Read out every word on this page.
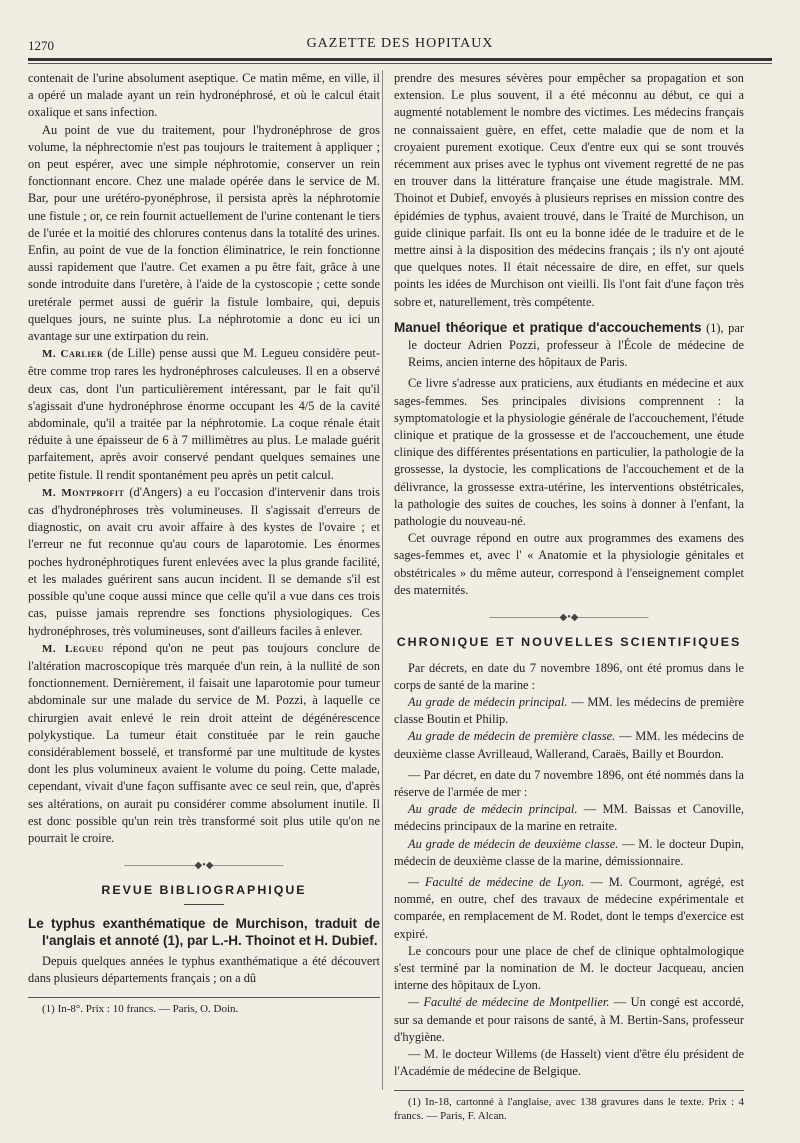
1270	GAZETTE DES HOPITAUX

contenait de l'urine absolument aseptique. Ce matin même, en ville, il a opéré un malade ayant un rein hydronéphrosé, et où le calcul était oxalique et sans infection.

Au point de vue du traitement, pour l'hydronéphrose de gros volume, la néphrectomie n'est pas toujours le traitement à appliquer ; on peut espérer, avec une simple néphrotomie, conserver un rein fonctionnant encore. Chez une malade opérée dans le service de M. Bar, pour une urétéro-pyonéphrose, il persista après la néphrotomie une fistule ; or, ce rein fournit actuellement de l'urine contenant le tiers de l'urée et la moitié des chlorures contenus dans la totalité des urines. Enfin, au point de vue de la fonction éliminatrice, le rein fonctionne aussi rapidement que l'autre. Cet examen a pu être fait, grâce à une sonde introduite dans l'uretère, à l'aide de la cystoscopie ; cette sonde uretérale permet aussi de guérir la fistule lombaire, qui, depuis quelques jours, ne suinte plus. La néphrotomie a donc eu ici un avantage sur une extirpation du rein.

M. Carlier (de Lille) pense aussi que M. Legueu considère peut-être comme trop rares les hydronéphroses calculeuses. Il en a observé deux cas, dont l'un particulièrement intéressant, par le fait qu'il s'agissait d'une hydronéphrose énorme occupant les 4/5 de la cavité abdominale, qu'il a traitée par la néphrotomie. La coque rénale était réduite à une épaisseur de 6 à 7 millimètres au plus. Le malade guérit parfaitement, après avoir conservé pendant quelques semaines une petite fistule. Il rendit spontanément peu après un petit calcul.

M. Montprofit (d'Angers) a eu l'occasion d'intervenir dans trois cas d'hydronéphroses très volumineuses. Il s'agissait d'erreurs de diagnostic, on avait cru avoir affaire à des kystes de l'ovaire ; et l'erreur ne fut reconnue qu'au cours de laparotomie. Les énormes poches hydronéphrotiques furent enlevées avec la plus grande facilité, et les malades guérirent sans aucun incident. Il se demande s'il est possible qu'une coque aussi mince que celle qu'il a vue dans ces trois cas, puisse jamais reprendre ses fonctions physiologiques. Ces hydronéphroses, très volumineuses, sont d'ailleurs faciles à enlever.

M. Legueu répond qu'on ne peut pas toujours conclure de l'altération macroscopique très marquée d'un rein, à la nullité de son fonctionnement. Dernièrement, il faisait une laparotomie pour tumeur abdominale sur une malade du service de M. Pozzi, à laquelle ce chirurgien avait enlevé le rein droit atteint de dégénérescence polykystique. La tumeur était constituée par le rein gauche considérablement bosselé, et transformé par une multitude de kystes dont les plus volumineux avaient le volume du poing. Cette malade, cependant, vivait d'une façon suffisante avec ce seul rein, que, d'après ses altérations, on aurait pu considérer comme absolument inutile. Il est donc possible qu'un rein très transformé soit plus utile qu'on ne pourrait le croire.

———————◆•◆———————
REVUE BIBLIOGRAPHIQUE

Le typhus exanthématique de Murchison, traduit de l'anglais et annoté (1), par L.-H. Thoinot et H. Dubief.

Depuis quelques années le typhus exanthématique a été découvert dans plusieurs départements français ; on a dû

(1) In-8°. Prix : 10 francs. — Paris, O. Doin.

prendre des mesures sévères pour empêcher sa propagation et son extension. Le plus souvent, il a été méconnu au début, ce qui a augmenté notablement le nombre des victimes. Les médecins français ne connaissaient guère, en effet, cette maladie que de nom et la croyaient purement exotique. Ceux d'entre eux qui se sont trouvés récemment aux prises avec le typhus ont vivement regretté de ne pas en trouver dans la littérature française une étude magistrale. MM. Thoinot et Dubief, envoyés à plusieurs reprises en mission contre des épidémies de typhus, avaient trouvé, dans le Traité de Murchison, un guide clinique parfait. Ils ont eu la bonne idée de le traduire et de le mettre ainsi à la disposition des médecins français ; ils n'y ont ajouté que quelques notes. Il était nécessaire de dire, en effet, sur quels points les idées de Murchison ont vieilli. Ils l'ont fait d'une façon très sobre et, naturellement, très compétente.

Manuel théorique et pratique d'accouchements (1), par le docteur Adrien Pozzi, professeur à l'École de médecine de Reims, ancien interne des hôpitaux de Paris.

Ce livre s'adresse aux praticiens, aux étudiants en médecine et aux sages-femmes. Ses principales divisions comprennent : la symptomatologie et la physiologie générale de l'accouchement, l'étude clinique et pratique de la grossesse et de l'accouchement, une étude clinique des différentes présentations en particulier, la pathologie de la grossesse, la dystocie, les complications de l'accouchement et de la délivrance, la grossesse extra-utérine, les interventions obstétricales, la pathologie des suites de couches, les soins à donner à l'enfant, la pathologie du nouveau-né.

Cet ouvrage répond en outre aux programmes des examens des sages-femmes et, avec l' « Anatomie et la physiologie génitales et obstétricales » du même auteur, correspond à l'enseignement complet des maternités.

———————◆•◆———————
CHRONIQUE ET NOUVELLES SCIENTIFIQUES

Par décrets, en date du 7 novembre 1896, ont été promus dans le corps de santé de la marine :

Au grade de médecin principal. — MM. les médecins de première classe Boutin et Philip.

Au grade de médecin de première classe. — MM. les médecins de deuxième classe Avrilleaud, Wallerand, Caraës, Bailly et Bourdon.

— Par décret, en date du 7 novembre 1896, ont été nommés dans la réserve de l'armée de mer :

Au grade de médecin principal. — MM. Baissas et Canoville, médecins principaux de la marine en retraite.

Au grade de médecin de deuxième classe. — M. le docteur Dupin, médecin de deuxième classe de la marine, démissionnaire.

— Faculté de médecine de Lyon. — M. Courmont, agrégé, est nommé, en outre, chef des travaux de médecine expérimentale et comparée, en remplacement de M. Rodet, dont le temps d'exercice est expiré.

Le concours pour une place de chef de clinique ophtalmologique s'est terminé par la nomination de M. le docteur Jacqueau, ancien interne des hôpitaux de Lyon.

— Faculté de médecine de Montpellier. — Un congé est accordé, sur sa demande et pour raisons de santé, à M. Bertin-Sans, professeur d'hygiène.

— M. le docteur Willems (de Hasselt) vient d'être élu président de l'Académie de médecine de Belgique.

(1) In-18, cartonné à l'anglaise, avec 138 gravures dans le texte. Prix : 4 francs. — Paris, F. Alcan.
